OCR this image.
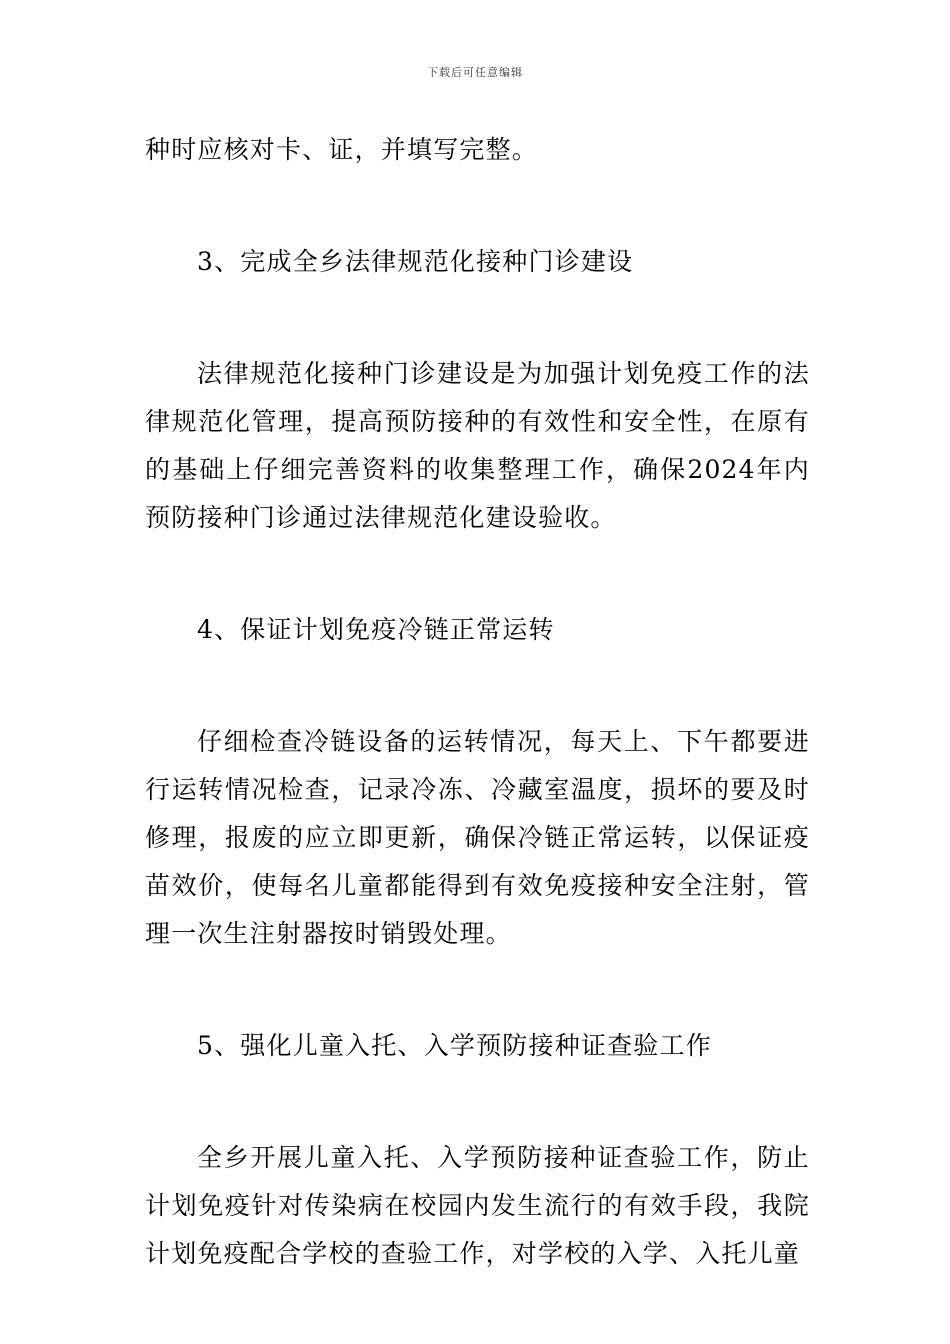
下载后可任意编辑

种时应核对卡、证，并填写完整。

3、完成全乡法律规范化接种门诊建设

法律规范化接种门诊建设是为加强计划免疫工作的法律规范化管理，提高预防接种的有效性和安全性，在原有的基础上仔细完善资料的收集整理工作，确保2024年内预防接种门诊通过法律规范化建设验收。

4、保证计划免疫冷链正常运转

仔细检查冷链设备的运转情况，每天上、下午都要进行运转情况检查，记录冷冻、冷藏室温度，损坏的要及时修理，报废的应立即更新，确保冷链正常运转，以保证疫苗效价，使每名儿童都能得到有效免疫接种安全注射，管理一次生注射器按时销毁处理。

5、强化儿童入托、入学预防接种证查验工作

全乡开展儿童入托、入学预防接种证查验工作，防止计划免疫针对传染病在校园内发生流行的有效手段，我院计划免疫配合学校的查验工作，对学校的入学、入托儿童
